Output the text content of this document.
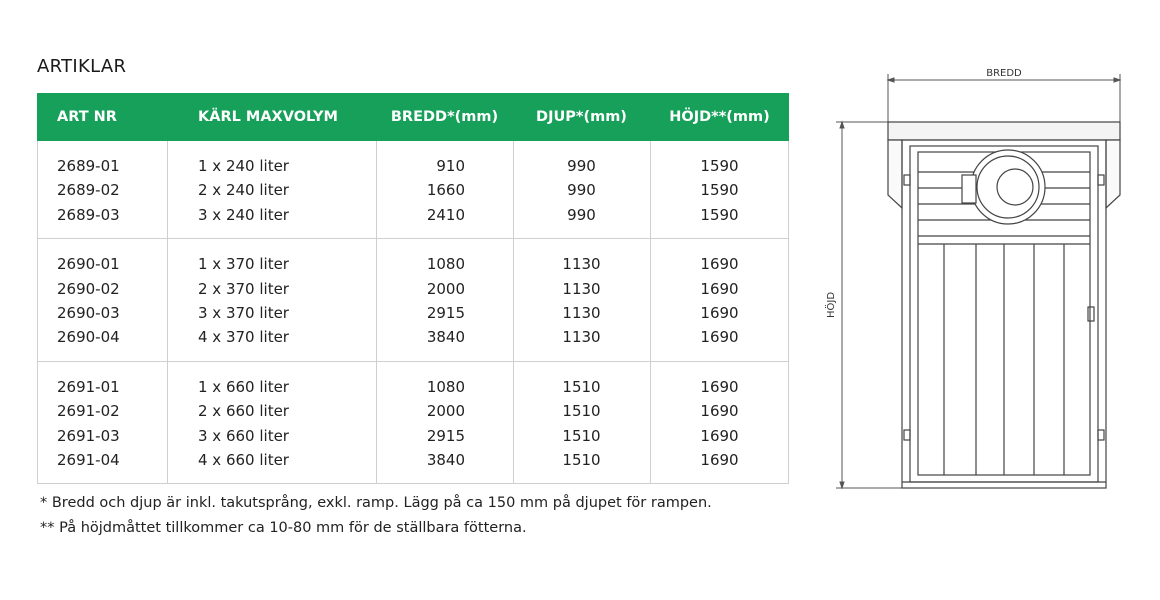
ARTIKLAR
ART NR	KÄRL MAXVOLYM	BREDD*(mm)	DJUP*(mm)	HÖJD**(mm)
2689-01	1 x 240 liter	910	990	1590
2689-02	2 x 240 liter	1660	990	1590
2689-03	3 x 240 liter	2410	990	1590
2690-01	1 x 370 liter	1080	1130	1690
2690-02	2 x 370 liter	2000	1130	1690
2690-03	3 x 370 liter	2915	1130	1690
2690-04	4 x 370 liter	3840	1130	1690
2691-01	1 x 660 liter	1080	1510	1690
2691-02	2 x 660 liter	2000	1510	1690
2691-03	3 x 660 liter	2915	1510	1690
2691-04	4 x 660 liter	3840	1510	1690
* Bredd och djup är inkl. takutsprång, exkl. ramp. Lägg på ca 150 mm på djupet för rampen.
** På höjdmåttet tillkommer ca 10-80 mm för de ställbara fötterna.
BREDD
HÖJD
